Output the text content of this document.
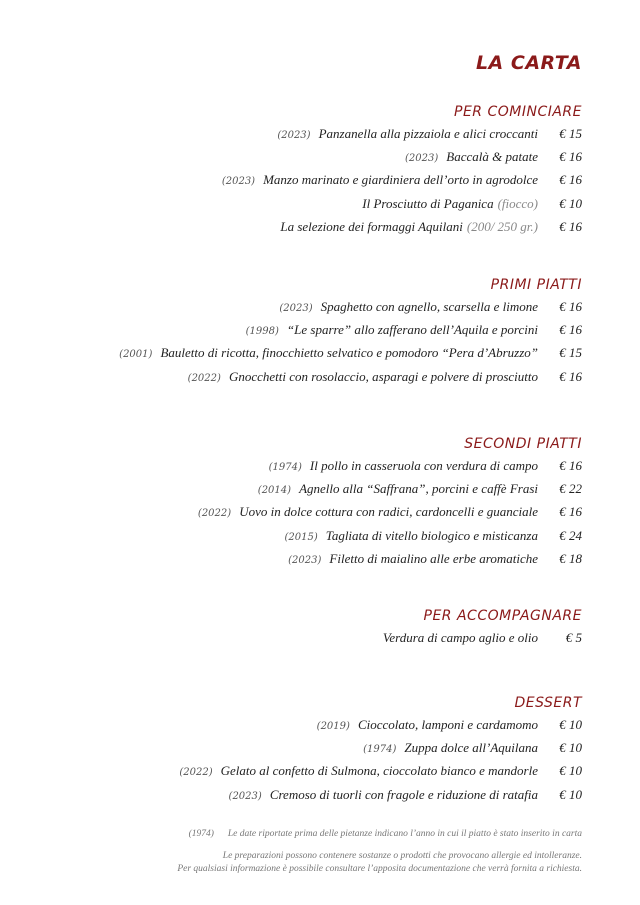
LA CARTA
PER COMINCIARE
(2023) Panzanella alla pizzaiola e alici croccanti	€ 15
(2023) Baccalà & patate	€ 16
(2023) Manzo marinato e giardiniera dell’orto in agrodolce	€ 16
Il Prosciutto di Paganica (fiocco)	€ 10
La selezione dei formaggi Aquilani (200/ 250 gr.)	€ 16
PRIMI PIATTI
(2023) Spaghetto con agnello, scarsella e limone	€ 16
(1998) “Le sparre” allo zafferano dell’Aquila e porcini	€ 16
(2001) Bauletto di ricotta, finocchietto selvatico e pomodoro “Pera d’Abruzzo”	€ 15
(2022) Gnocchetti con rosolaccio, asparagi e polvere di prosciutto	€ 16
SECONDI PIATTI
(1974) Il pollo in casseruola con verdura di campo	€ 16
(2014) Agnello alla “Saffrana”, porcini e caffè Frasi	€ 22
(2022) Uovo in dolce cottura con radici, cardoncelli e guanciale	€ 16
(2015) Tagliata di vitello biologico e misticanza	€ 24
(2023) Filetto di maialino alle erbe aromatiche	€ 18
PER ACCOMPAGNARE
Verdura di campo aglio e olio	€ 5
DESSERT
(2019) Cioccolato, lamponi e cardamomo	€ 10
(1974) Zuppa dolce all’Aquilana	€ 10
(2022) Gelato al confetto di Sulmona, cioccolato bianco e mandorle	€ 10
(2023) Cremoso di tuorli con fragole e riduzione di ratafia	€ 10
(1974) Le date riportate prima delle pietanze indicano l’anno in cui il piatto è stato inserito in carta
Le preparazioni possono contenere sostanze o prodotti che provocano allergie ed intolleranze.
Per qualsiasi informazione è possibile consultare l’apposita documentazione che verrà fornita a richiesta.
